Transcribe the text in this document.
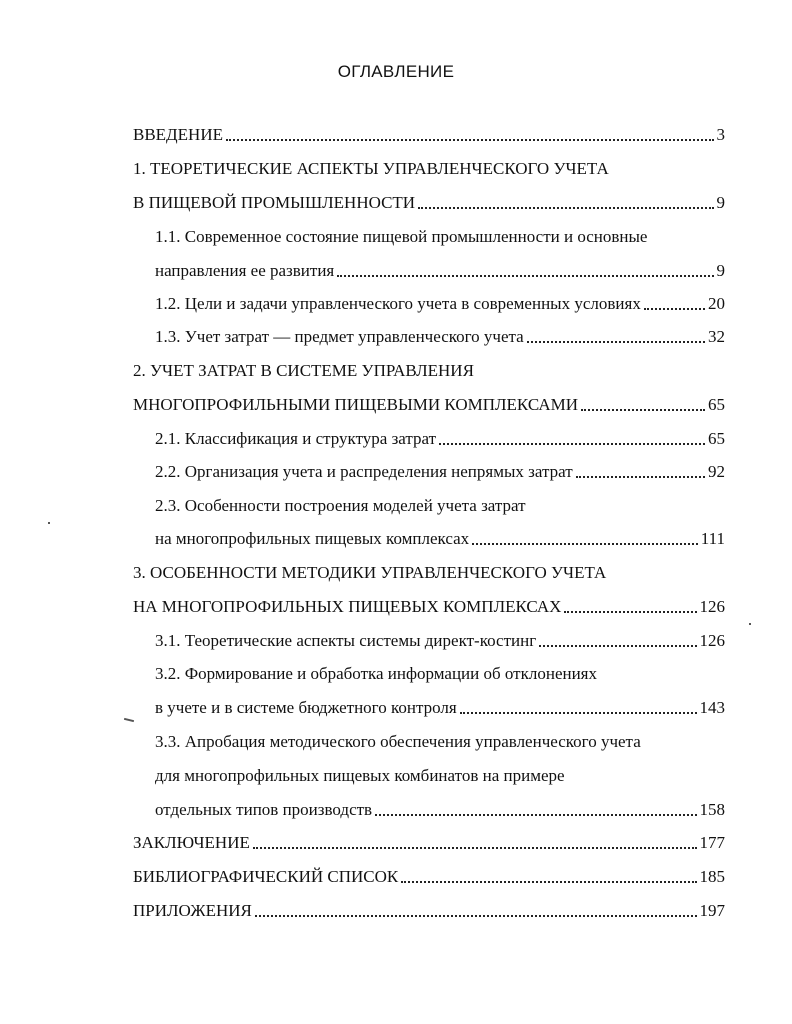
ОГЛАВЛЕНИЕ
ВВЕДЕНИЕ	3
1. ТЕОРЕТИЧЕСКИЕ АСПЕКТЫ УПРАВЛЕНЧЕСКОГО УЧЕТА
В ПИЩЕВОЙ ПРОМЫШЛЕННОСТИ	9
1.1. Современное состояние пищевой промышленности и основные
направления ее развития	9
1.2. Цели и задачи управленческого учета в современных условиях	20
1.3. Учет затрат — предмет управленческого учета	32
2. УЧЕТ ЗАТРАТ В СИСТЕМЕ УПРАВЛЕНИЯ
МНОГОПРОФИЛЬНЫМИ ПИЩЕВЫМИ КОМПЛЕКСАМИ	65
2.1. Классификация и структура затрат	65
2.2. Организация учета и распределения непрямых затрат	92
2.3. Особенности построения моделей учета затрат
на многопрофильных пищевых комплексах	111
3. ОСОБЕННОСТИ МЕТОДИКИ УПРАВЛЕНЧЕСКОГО УЧЕТА
НА МНОГОПРОФИЛЬНЫХ ПИЩЕВЫХ КОМПЛЕКСАХ	126
3.1. Теоретические аспекты системы директ-костинг	126
3.2. Формирование и обработка информации об отклонениях
в учете и в системе бюджетного контроля	143
3.3. Апробация методического обеспечения управленческого учета
для многопрофильных пищевых комбинатов на примере
отдельных типов производств	158
ЗАКЛЮЧЕНИЕ	177
БИБЛИОГРАФИЧЕСКИЙ СПИСОК	185
ПРИЛОЖЕНИЯ	197
